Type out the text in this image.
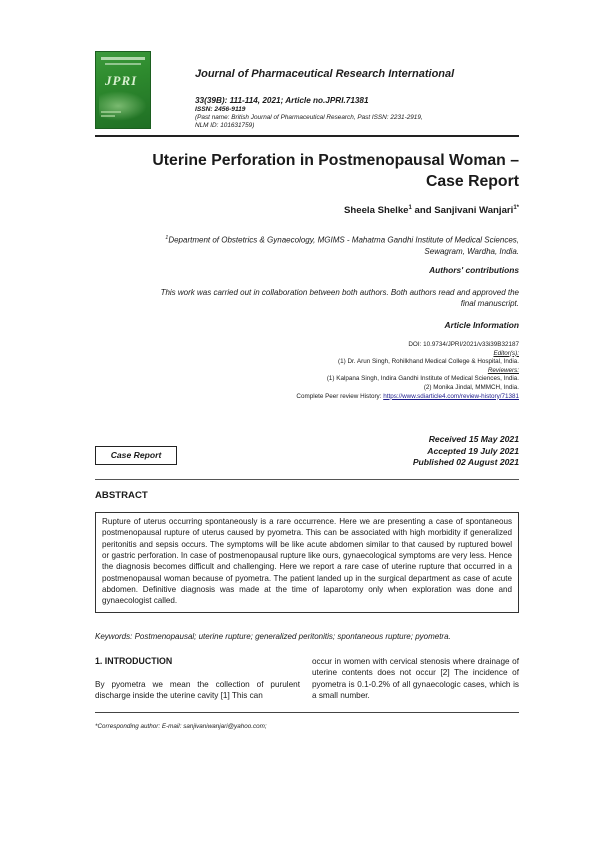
JPRI	Journal of Pharmaceutical Research International
33(39B): 111-114, 2021; Article no.JPRI.71381
ISSN: 2456-9119
(Past name: British Journal of Pharmaceutical Research, Past ISSN: 2231-2919,
NLM ID: 101631759)
Uterine Perforation in Postmenopausal Woman –
Case Report
Sheela Shelke$^1$ and Sanjivani Wanjari$^{1*}$
$^1$Department of Obstetrics & Gynaecology, MGIMS - Mahatma Gandhi Institute of Medical Sciences,
Sewagram, Wardha, India.
Authors' contributions
This work was carried out in collaboration between both authors. Both authors read and approved the
final manuscript.
Article Information
DOI: 10.9734/JPRI/2021/v33i39B32187
Editor(s):
(1) Dr. Arun Singh, Rohilkhand Medical College & Hospital, India.
Reviewers:
(1) Kalpana Singh, Indira Gandhi Institute of Medical Sciences, India.
(2) Monika Jindal, MMMCH, India.
Complete Peer review History: https://www.sdiarticle4.com/review-history/71381
Case Report
Received 15 May 2021
Accepted 19 July 2021
Published 02 August 2021
ABSTRACT
Rupture of uterus occurring spontaneously is a rare occurrence. Here we are presenting a case of spontaneous postmenopausal rupture of uterus caused by pyometra. This can be associated with high morbidity if generalized peritonitis and sepsis occurs. The symptoms will be like acute abdomen similar to that caused by ruptured bowel or gastric perforation. In case of postmenopausal rupture like ours, gynaecological symptoms are very less. Hence the diagnosis becomes difficult and challenging. Here we report a rare case of uterine rupture that occurred in a postmenopausal woman because of pyometra. The patient landed up in the surgical department as case of acute abdomen. Definitive diagnosis was made at the time of laparotomy only when exploration was done and gynaecologist called.
Keywords: Postmenopausal; uterine rupture; generalized peritonitis; spontaneous rupture; pyometra.
1. INTRODUCTION
By pyometra we mean the collection of purulent discharge inside the uterine cavity [1] This can
occur in women with cervical stenosis where drainage of uterine contents does not occur [2] The incidence of pyometra is 0.1-0.2% of all gynaecologic cases, which is a small number.
*Corresponding author: E-mail: sanjivaniwanjari@yahoo.com;
